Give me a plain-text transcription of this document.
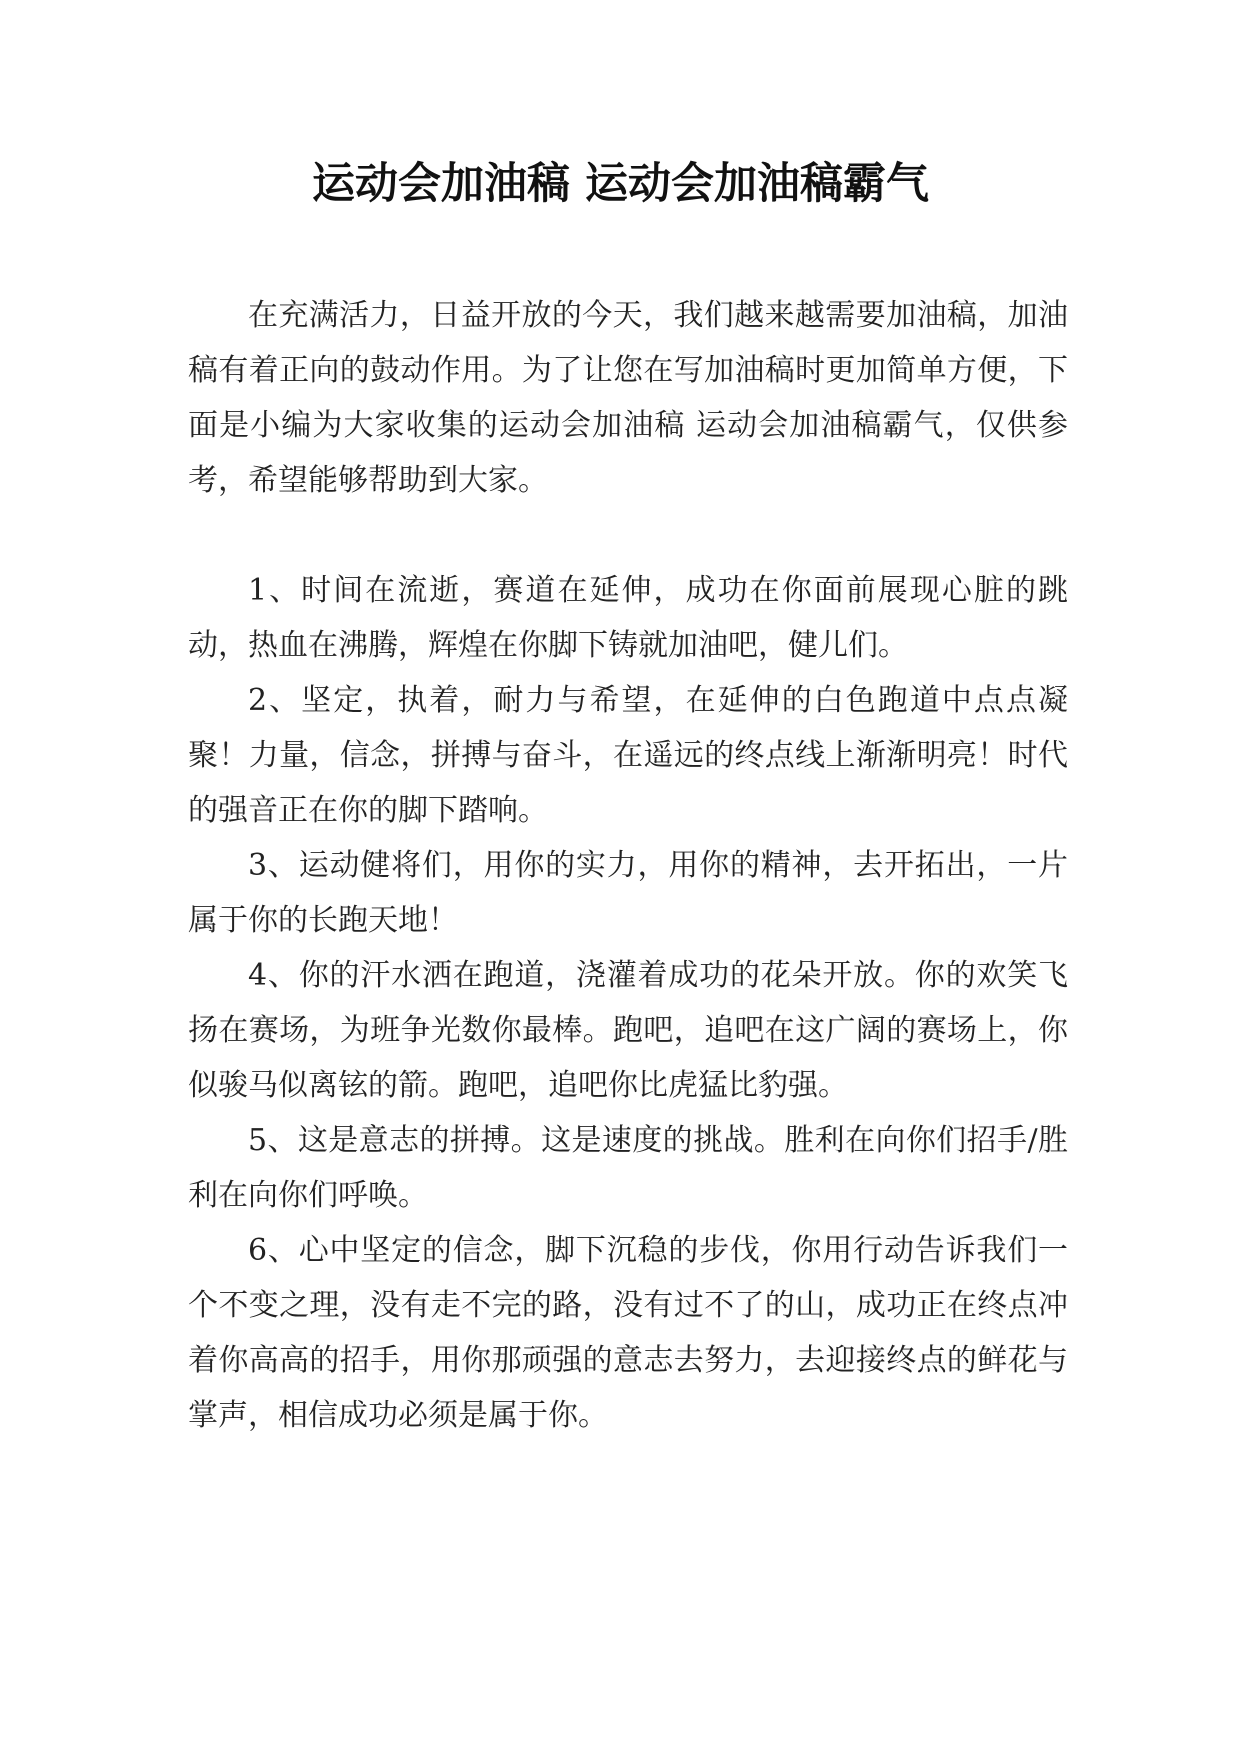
运动会加油稿 运动会加油稿霸气

在充满活力，日益开放的今天，我们越来越需要加油稿，加油稿有着正向的鼓动作用。为了让您在写加油稿时更加简单方便，下面是小编为大家收集的运动会加油稿 运动会加油稿霸气，仅供参考，希望能够帮助到大家。

1、时间在流逝，赛道在延伸，成功在你面前展现心脏的跳动，热血在沸腾，辉煌在你脚下铸就加油吧，健儿们。

2、坚定，执着，耐力与希望，在延伸的白色跑道中点点凝聚！力量，信念，拼搏与奋斗，在遥远的终点线上渐渐明亮！时代的强音正在你的脚下踏响。

3、运动健将们，用你的实力，用你的精神，去开拓出，一片属于你的长跑天地！

4、你的汗水洒在跑道，浇灌着成功的花朵开放。你的欢笑飞扬在赛场，为班争光数你最棒。跑吧，追吧在这广阔的赛场上，你似骏马似离铉的箭。跑吧，追吧你比虎猛比豹强。

5、这是意志的拼搏。这是速度的挑战。胜利在向你们招手/胜利在向你们呼唤。

6、心中坚定的信念，脚下沉稳的步伐，你用行动告诉我们一个不变之理，没有走不完的路，没有过不了的山，成功正在终点冲着你高高的招手，用你那顽强的意志去努力，去迎接终点的鲜花与掌声，相信成功必须是属于你。
